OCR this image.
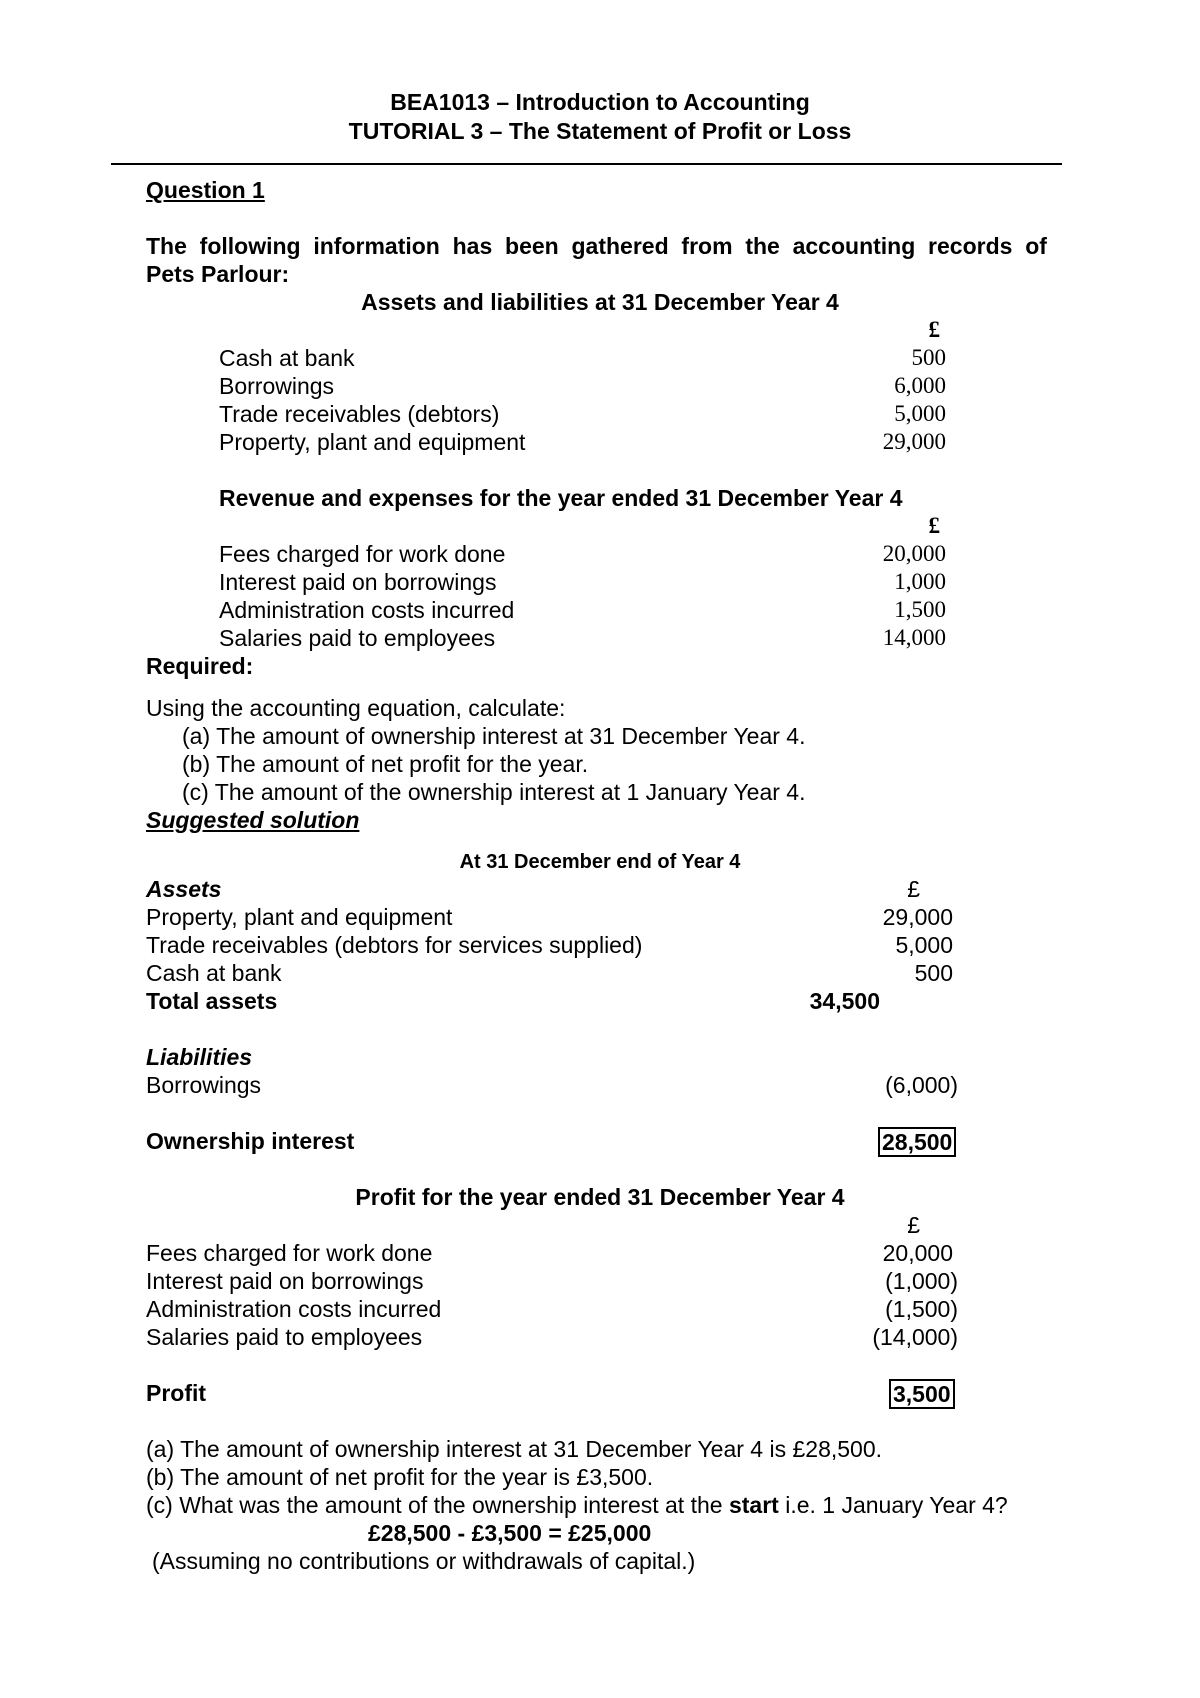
BEA1013 – Introduction to Accounting
TUTORIAL 3 – The Statement of Profit or Loss
Question 1
The  following  information  has  been  gathered  from  the  accounting  records  of
Pets Parlour:
Assets and liabilities at 31 December Year 4
£
Cash at bank	500
Borrowings	6,000
Trade receivables (debtors)	5,000
Property, plant and equipment	29,000
Revenue and expenses for the year ended 31 December Year 4
£
Fees charged for work done	20,000
Interest paid on borrowings	1,000
Administration costs incurred	1,500
Salaries paid to employees	14,000
Required:
Using the accounting equation, calculate:
(a) The amount of ownership interest at 31 December Year 4.
(b) The amount of net profit for the year.
(c) The amount of the ownership interest at 1 January Year 4.
Suggested solution
At 31 December end of Year 4
Assets	£
Property, plant and equipment	29,000
Trade receivables (debtors for services supplied)	5,000
Cash at bank	500
Total assets	34,500
Liabilities
Borrowings	(6,000)
Ownership interest	28,500
Profit for the year ended 31 December Year 4
£
Fees charged for work done	20,000
Interest paid on borrowings	(1,000)
Administration costs incurred	(1,500)
Salaries paid to employees	(14,000)
Profit	3,500
(a) The amount of ownership interest at 31 December Year 4 is £28,500.
(b) The amount of net profit for the year is £3,500.
(c) What was the amount of the ownership interest at the start i.e. 1 January Year 4?
£28,500 - £3,500 = £25,000
(Assuming no contributions or withdrawals of capital.)
